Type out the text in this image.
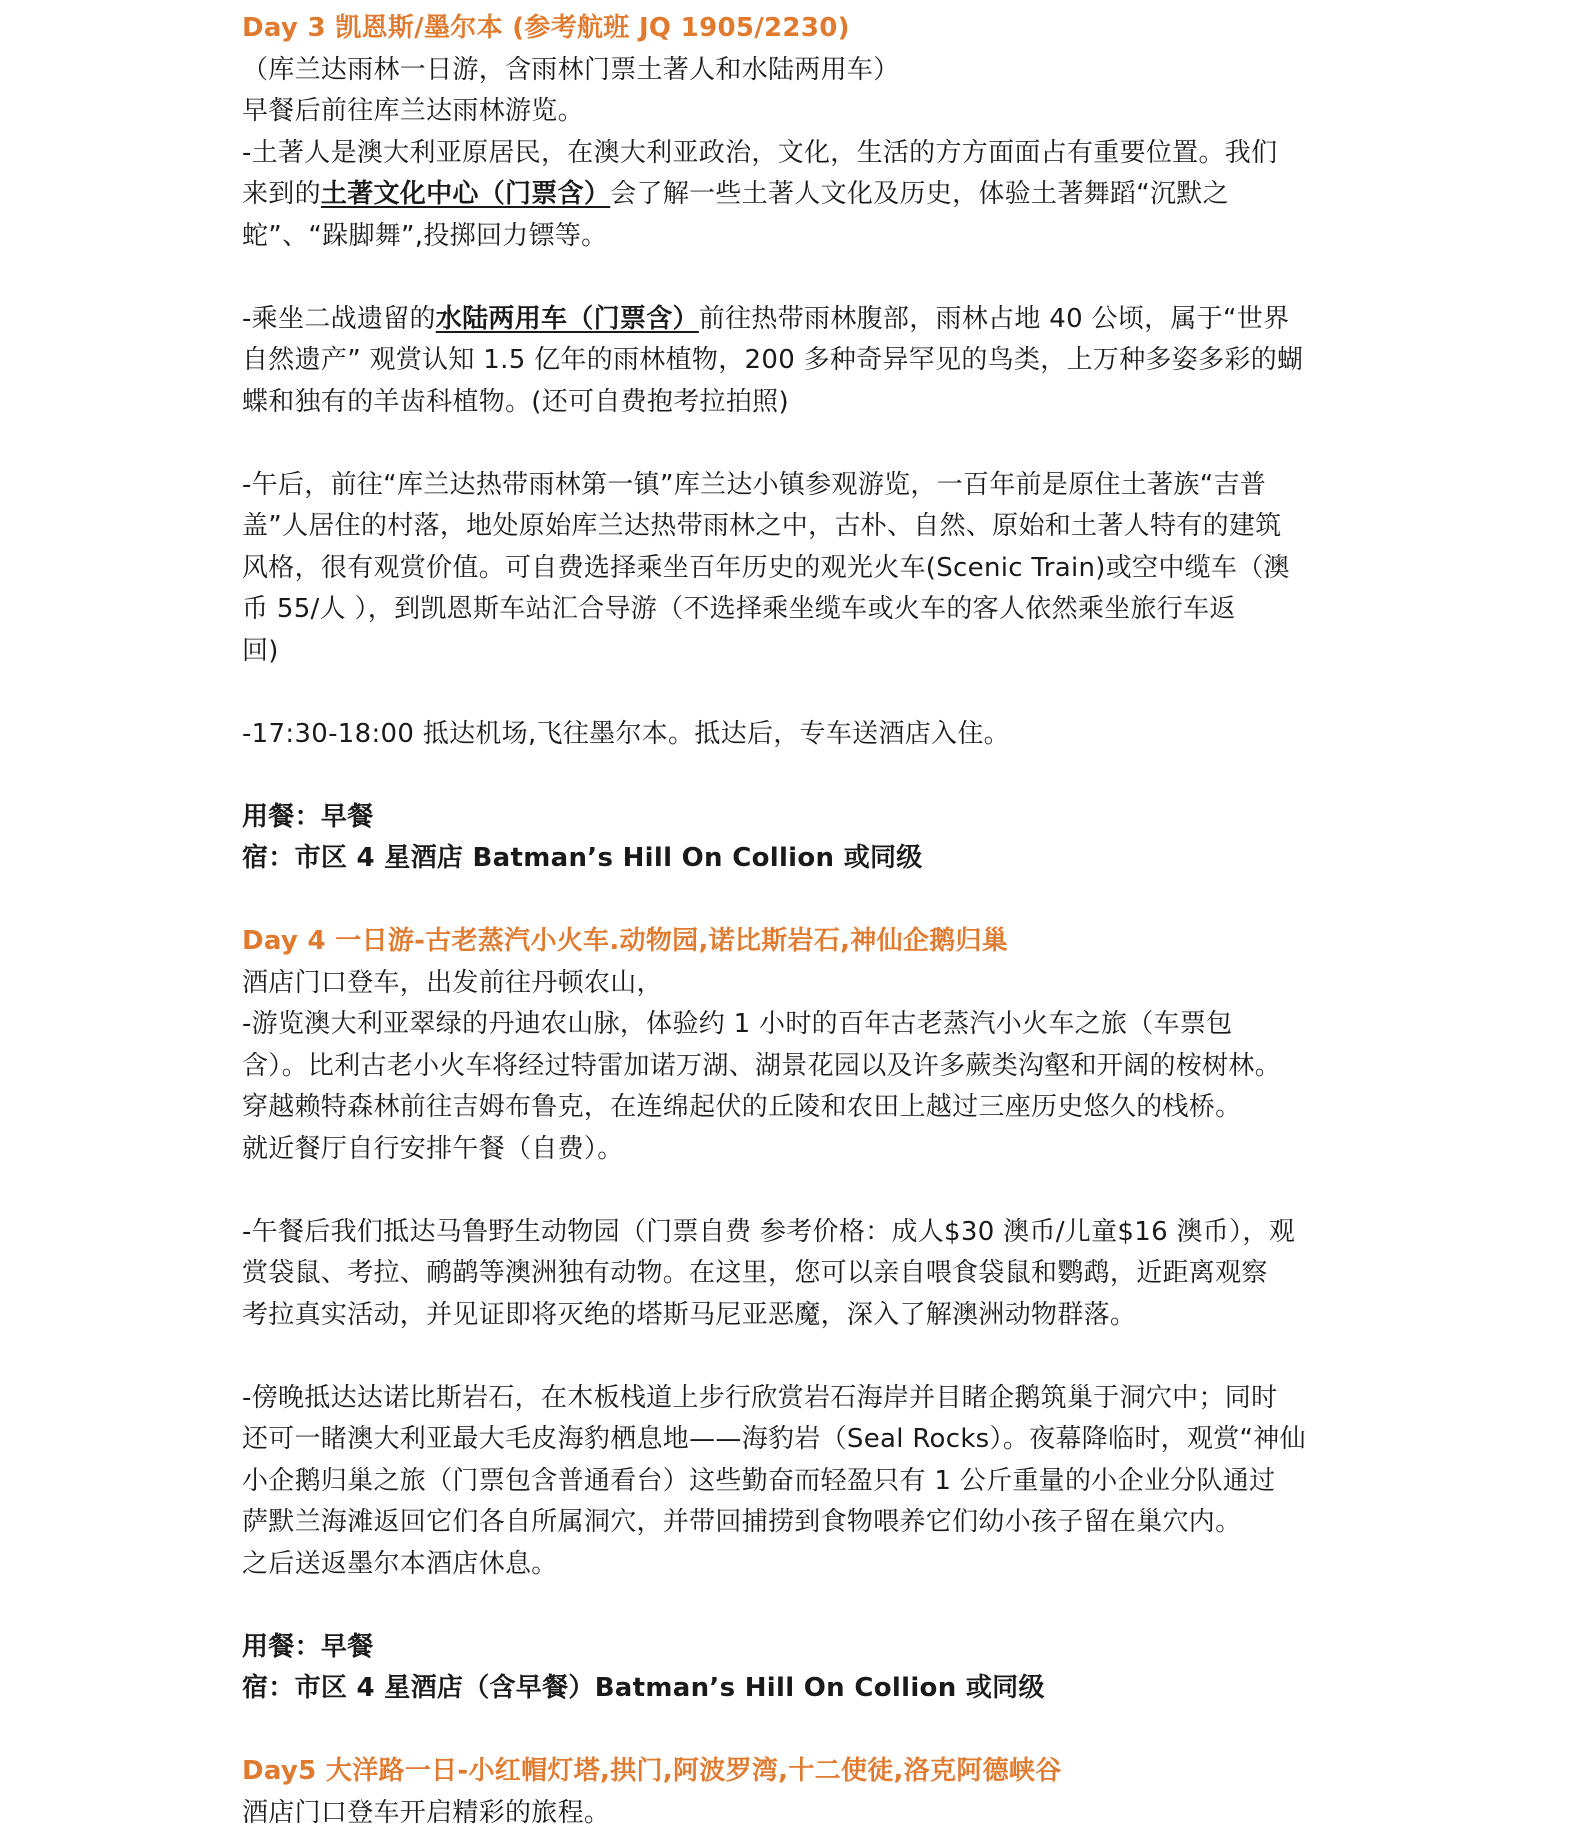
Day 3 凯恩斯/墨尔本 (参考航班 JQ 1905/2230)
（库兰达雨林一日游，含雨林门票土著人和水陆两用车）
早餐后前往库兰达雨林游览。
-土著人是澳大利亚原居民，在澳大利亚政治，文化，生活的方方面面占有重要位置。我们
来到的土著文化中心（门票含）会了解一些土著人文化及历史，体验土著舞蹈“沉默之
蛇”、“跺脚舞”,投掷回力镖等。
-乘坐二战遗留的水陆两用车（门票含）前往热带雨林腹部，雨林占地 40 公顷，属于“世界
自然遗产” 观赏认知 1.5 亿年的雨林植物，200 多种奇异罕见的鸟类，上万种多姿多彩的蝴
蝶和独有的羊齿科植物。(还可自费抱考拉拍照)
-午后，前往“库兰达热带雨林第一镇”库兰达小镇参观游览，一百年前是原住土著族“吉普
盖”人居住的村落，地处原始库兰达热带雨林之中，古朴、自然、原始和土著人特有的建筑
风格，很有观赏价值。可自费选择乘坐百年历史的观光火车(Scenic Train)或空中缆车（澳
币 55/人 ），到凯恩斯车站汇合导游（不选择乘坐缆车或火车的客人依然乘坐旅行车返
回)
-17:30-18:00 抵达机场,飞往墨尔本。抵达后，专车送酒店入住。
用餐：早餐
宿：市区 4 星酒店 Batman’s Hill On Collion 或同级
Day 4 一日游-古老蒸汽小火车.动物园,诺比斯岩石,神仙企鹅归巢
酒店门口登车，出发前往丹顿农山，
-游览澳大利亚翠绿的丹迪农山脉，体验约 1 小时的百年古老蒸汽小火车之旅（车票包
含）。比利古老小火车将经过特雷加诺万湖、湖景花园以及许多蕨类沟壑和开阔的桉树林。
穿越赖特森林前往吉姆布鲁克，在连绵起伏的丘陵和农田上越过三座历史悠久的栈桥。
就近餐厅自行安排午餐（自费）。
-午餐后我们抵达马鲁野生动物园（门票自费 参考价格：成人$30 澳币/儿童$16 澳币），观
赏袋鼠、考拉、鸸鹋等澳洲独有动物。在这里，您可以亲自喂食袋鼠和鹦鹉，近距离观察
考拉真实活动，并见证即将灭绝的塔斯马尼亚恶魔，深入了解澳洲动物群落。
-傍晚抵达达诺比斯岩石，在木板栈道上步行欣赏岩石海岸并目睹企鹅筑巢于洞穴中；同时
还可一睹澳大利亚最大毛皮海豹栖息地——海豹岩（Seal Rocks）。夜幕降临时，观赏“神仙
小企鹅归巢之旅（门票包含普通看台）这些勤奋而轻盈只有 1 公斤重量的小企业分队通过
萨默兰海滩返回它们各自所属洞穴，并带回捕捞到食物喂养它们幼小孩子留在巢穴内。
之后送返墨尔本酒店休息。
用餐：早餐
宿：市区 4 星酒店（含早餐）Batman’s Hill On Collion 或同级
Day5 大洋路一日-小红帽灯塔,拱门,阿波罗湾,十二使徒,洛克阿德峡谷
酒店门口登车开启精彩的旅程。
